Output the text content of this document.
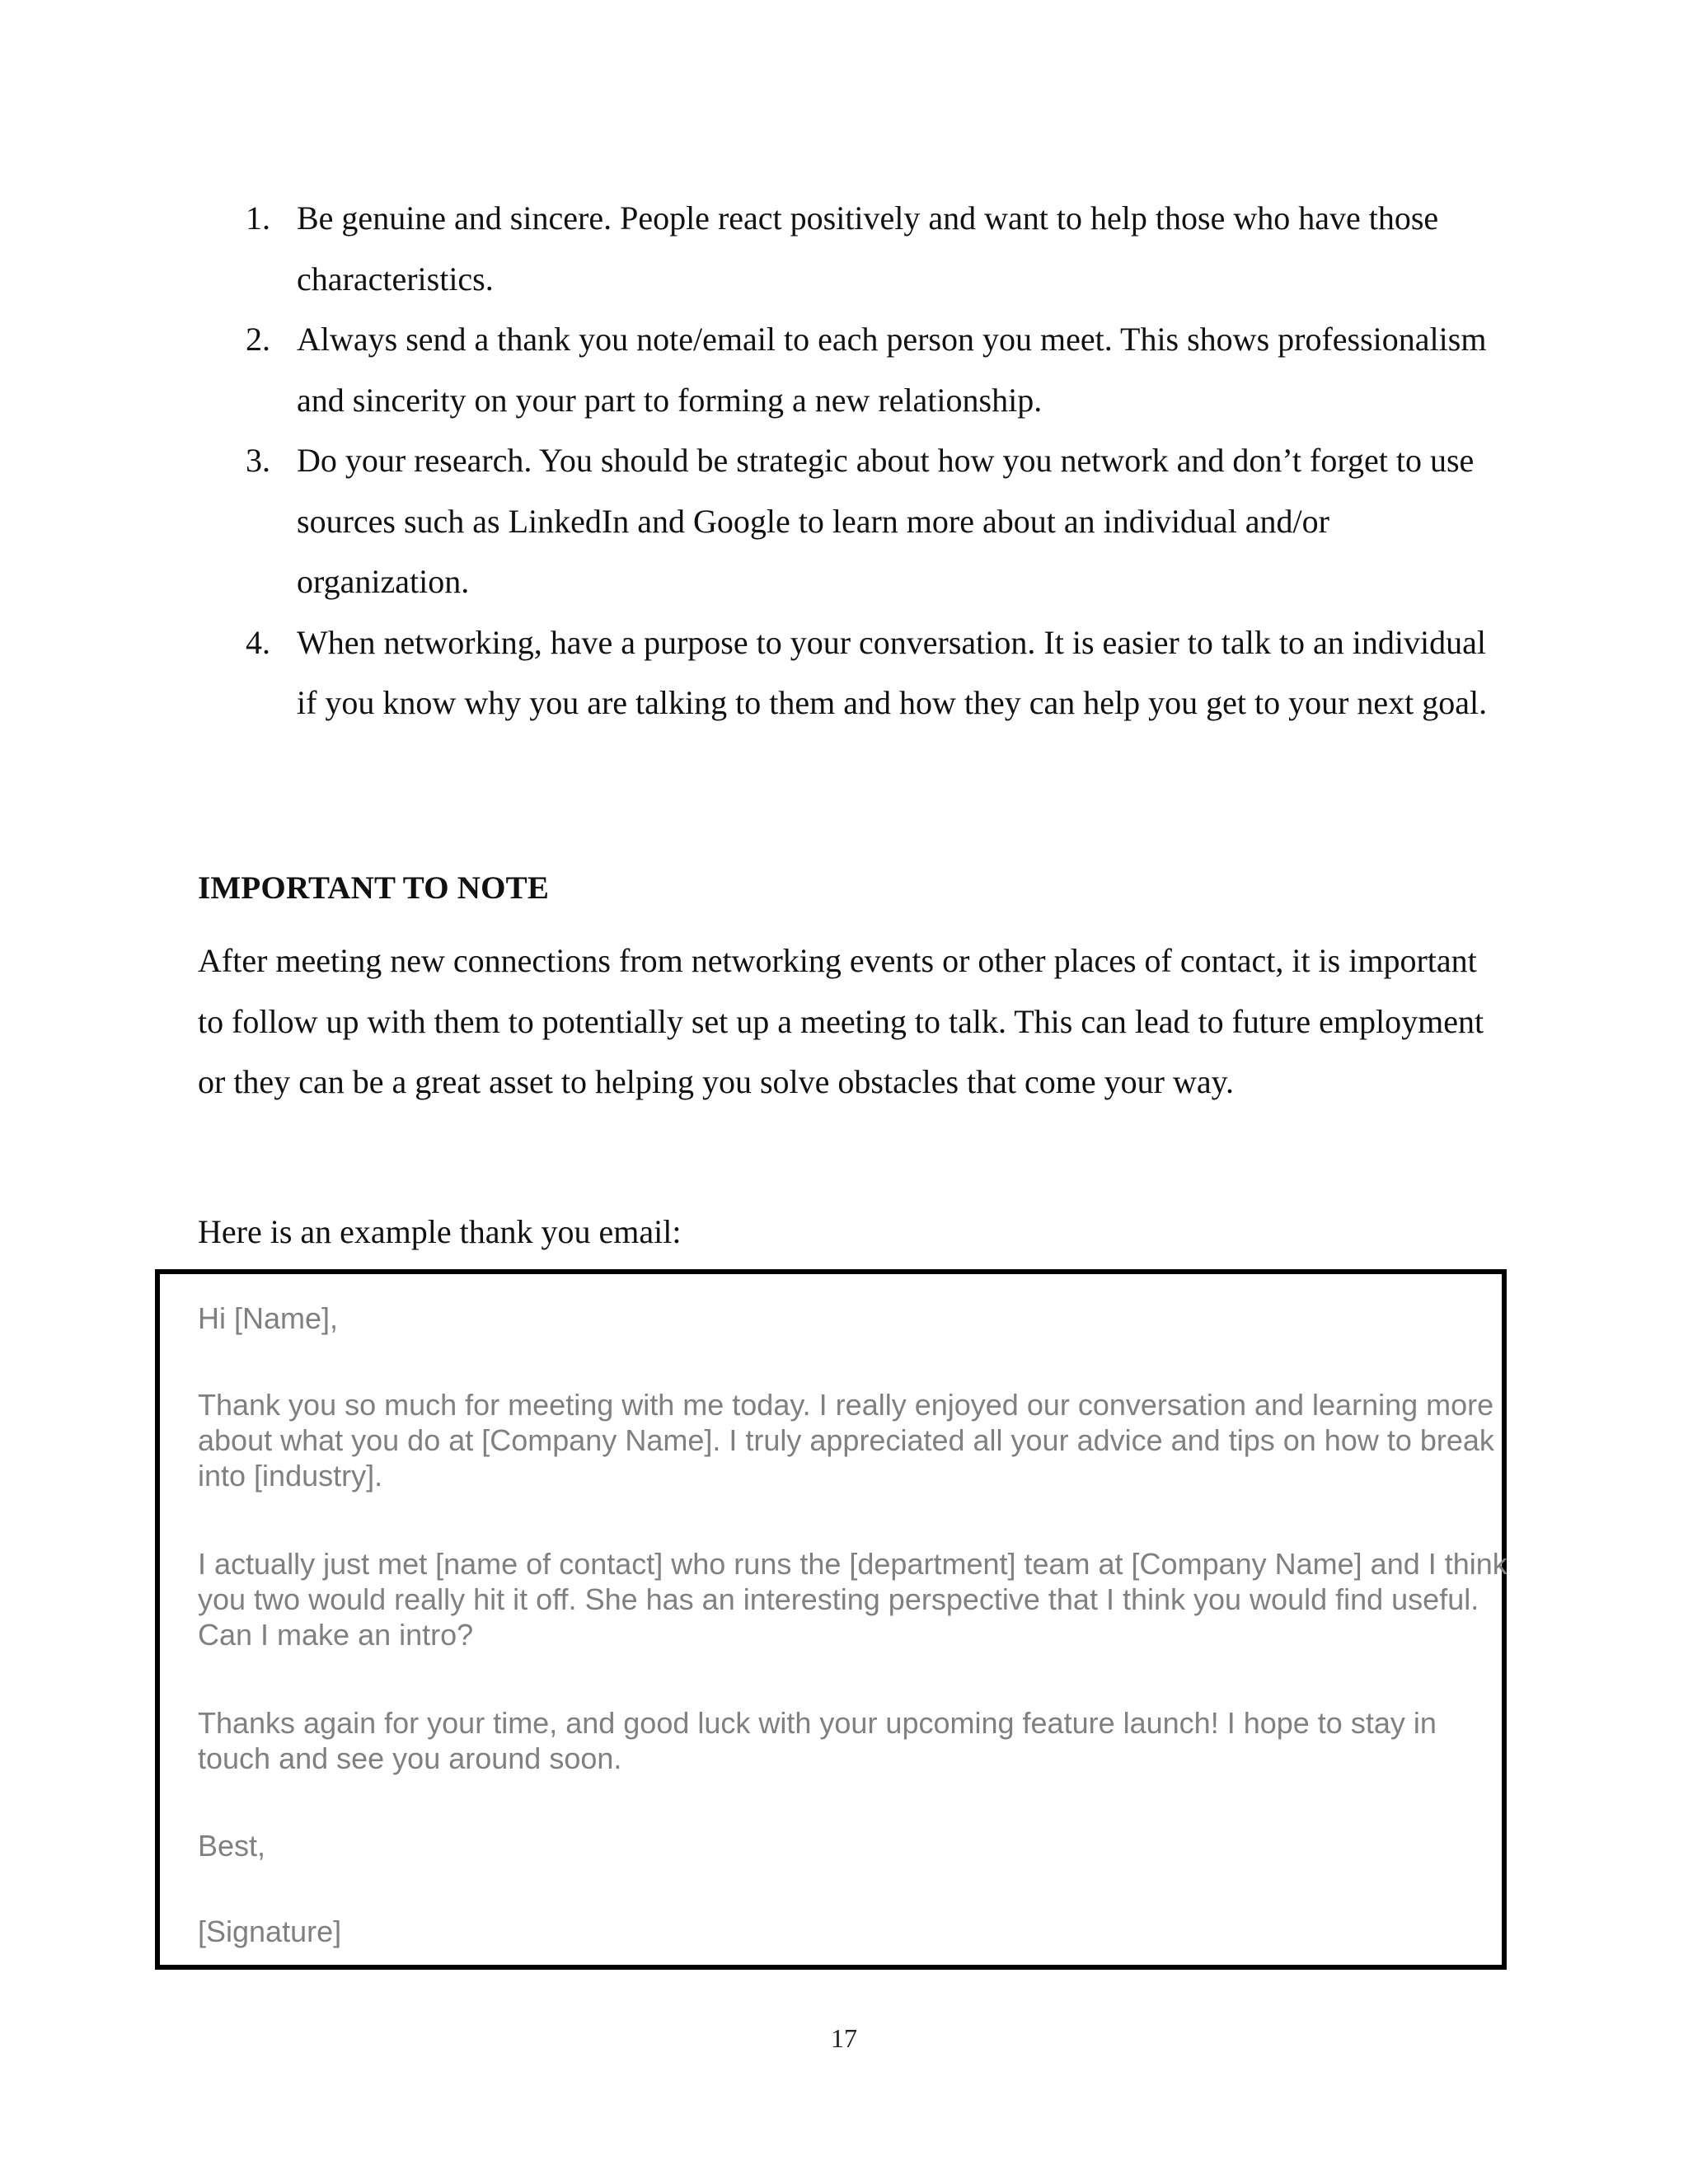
1. Be genuine and sincere. People react positively and want to help those who have those characteristics.
2. Always send a thank you note/email to each person you meet. This shows professionalism and sincerity on your part to forming a new relationship.
3. Do your research. You should be strategic about how you network and don’t forget to use sources such as LinkedIn and Google to learn more about an individual and/or organization.
4. When networking, have a purpose to your conversation. It is easier to talk to an individual if you know why you are talking to them and how they can help you get to your next goal.
IMPORTANT TO NOTE

After meeting new connections from networking events or other places of contact, it is important to follow up with them to potentially set up a meeting to talk. This can lead to future employment or they can be a great asset to helping you solve obstacles that come your way.

Here is an example thank you email:

Hi [Name],

Thank you so much for meeting with me today. I really enjoyed our conversation and learning more about what you do at [Company Name]. I truly appreciated all your advice and tips on how to break into [industry].

I actually just met [name of contact] who runs the [department] team at [Company Name] and I think you two would really hit it off. She has an interesting perspective that I think you would find useful. Can I make an intro?

Thanks again for your time, and good luck with your upcoming feature launch! I hope to stay in touch and see you around soon.

Best,

[Signature]

17
